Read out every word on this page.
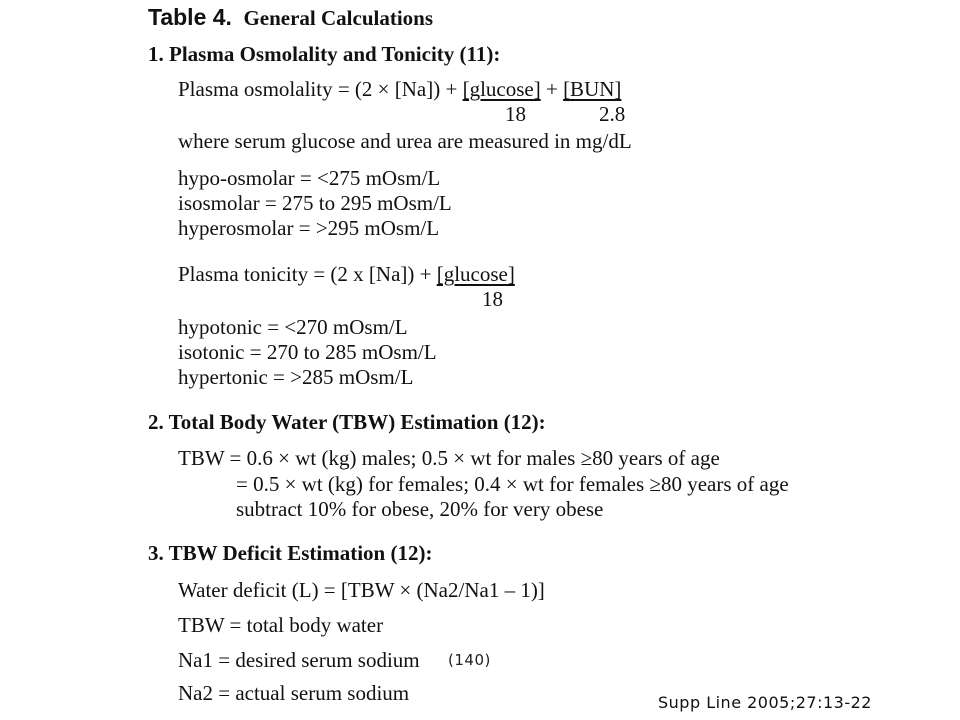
Table 4. General Calculations
1. Plasma Osmolality and Tonicity (11):
Plasma osmolality = (2 × [Na]) + [glucose] + [BUN]
18	2.8
where serum glucose and urea are measured in mg/dL
hypo-osmolar = <275 mOsm/L
isosmolar = 275 to 295 mOsm/L
hyperosmolar = >295 mOsm/L
Plasma tonicity = (2 x [Na]) + [glucose]
18
hypotonic = <270 mOsm/L
isotonic = 270 to 285 mOsm/L
hypertonic = >285 mOsm/L
2. Total Body Water (TBW) Estimation (12):
TBW = 0.6 × wt (kg) males; 0.5 × wt for males ≥80 years of age
= 0.5 × wt (kg) for females; 0.4 × wt for females ≥80 years of age
subtract 10% for obese, 20% for very obese
3. TBW Deficit Estimation (12):
Water deficit (L) = [TBW × (Na2/Na1 – 1)]
TBW = total body water
Na1 = desired serum sodium (140)
Na2 = actual serum sodium	Supp Line 2005;27:13-22
